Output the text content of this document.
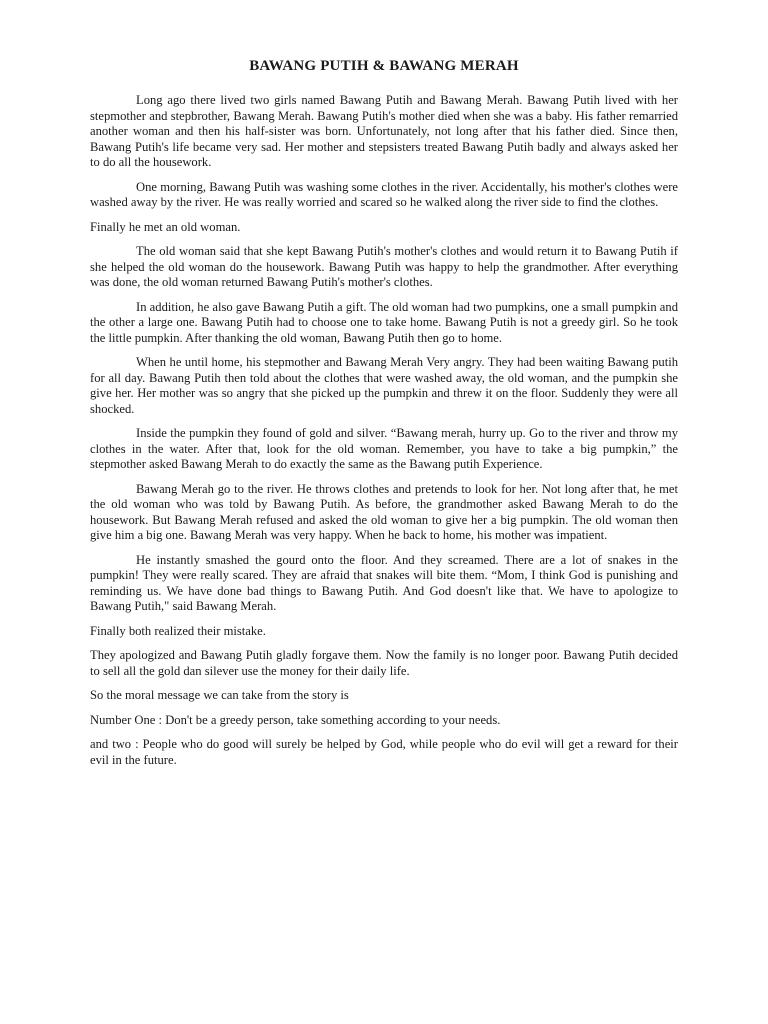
BAWANG PUTIH & BAWANG MERAH

Long ago there lived two girls named Bawang Putih and Bawang Merah. Bawang Putih lived with her stepmother and stepbrother, Bawang Merah. Bawang Putih's mother died when she was a baby. His father remarried another woman and then his half-sister was born. Unfortunately, not long after that his father died. Since then, Bawang Putih's life became very sad. Her mother and stepsisters treated Bawang Putih badly and always asked her to do all the housework.

One morning, Bawang Putih was washing some clothes in the river. Accidentally, his mother's clothes were washed away by the river. He was really worried and scared so he walked along the river side to find the clothes.

Finally he met an old woman.

The old woman said that she kept Bawang Putih's mother's clothes and would return it to Bawang Putih if she helped the old woman do the housework. Bawang Putih was happy to help the grandmother. After everything was done, the old woman returned Bawang Putih's mother's clothes.

In addition, he also gave Bawang Putih a gift. The old woman had two pumpkins, one a small pumpkin and the other a large one. Bawang Putih had to choose one to take home. Bawang Putih is not a greedy girl. So he took the little pumpkin. After thanking the old woman, Bawang Putih then go to home.

When he until home, his stepmother and Bawang Merah Very angry. They had been waiting Bawang putih for all day. Bawang Putih then told about the clothes that were washed away, the old woman, and the pumpkin she give her. Her mother was so angry that she picked up the pumpkin and threw it on the floor. Suddenly they were all shocked.

Inside the pumpkin they found of gold and silver. “Bawang merah, hurry up. Go to the river and throw my clothes in the water. After that, look for the old woman. Remember, you have to take a big pumpkin,” the stepmother asked Bawang Merah to do exactly the same as the Bawang putih Experience.

Bawang Merah go to the river. He throws clothes and pretends to look for her. Not long after that, he met the old woman who was told by Bawang Putih. As before, the grandmother asked Bawang Merah to do the housework. But Bawang Merah refused and asked the old woman to give her a big pumpkin. The old woman then give him a big one. Bawang Merah was very happy. When he back to home, his mother was impatient.

He instantly smashed the gourd onto the floor. And they screamed. There are a lot of snakes in the pumpkin! They were really scared. They are afraid that snakes will bite them. “Mom, I think God is punishing and reminding us. We have done bad things to Bawang Putih. And God doesn't like that. We have to apologize to Bawang Putih," said Bawang Merah.

Finally both realized their mistake.

They apologized and Bawang Putih gladly forgave them. Now the family is no longer poor. Bawang Putih decided to sell all the gold dan silever use the money for their daily life.

So the moral message we can take from the story is

Number One : Don't be a greedy person, take something according to your needs.

and two : People who do good will surely be helped by God, while people who do evil will get a reward for their evil in the future.
